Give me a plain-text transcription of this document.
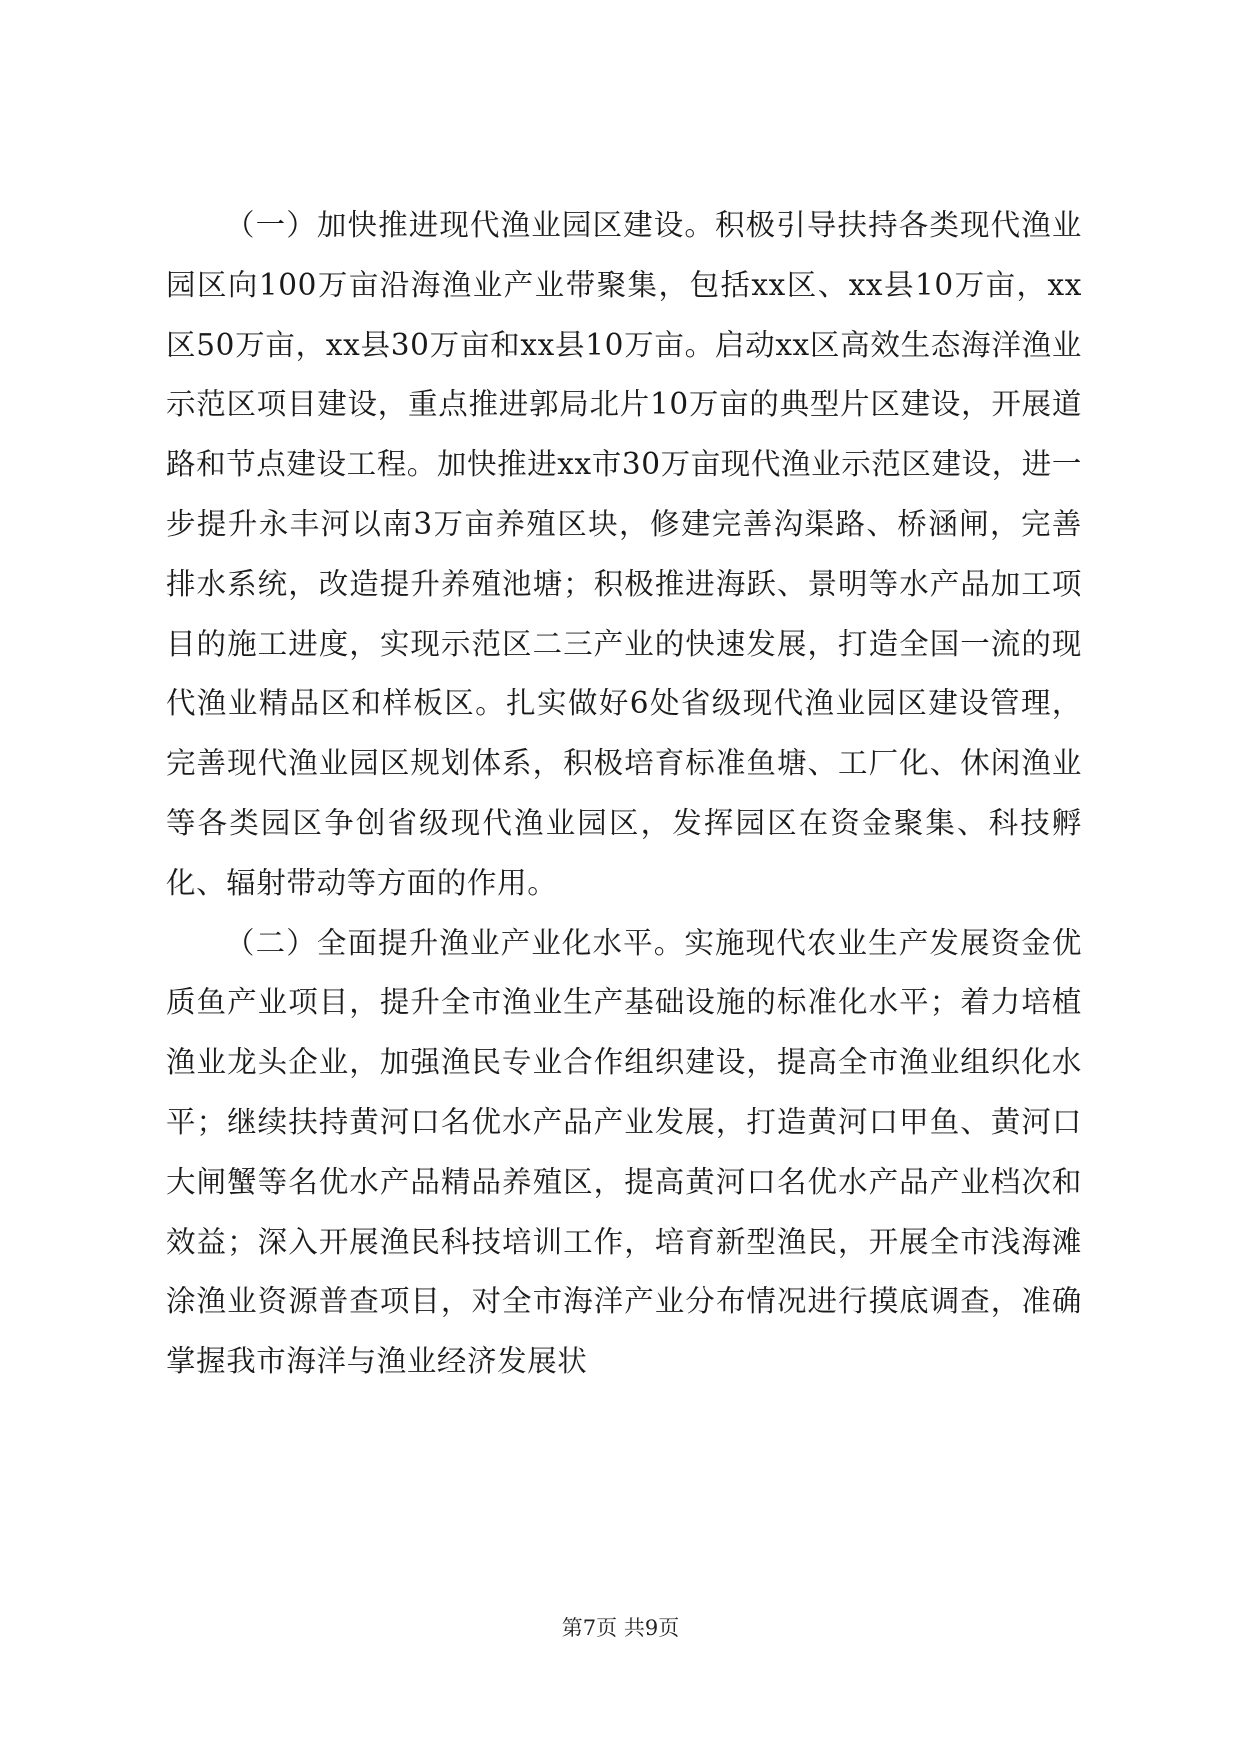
（一）加快推进现代渔业园区建设。积极引导扶持各类现代渔业园区向100万亩沿海渔业产业带聚集，包括xx区、xx县10万亩，xx区50万亩，xx县30万亩和xx县10万亩。启动xx区高效生态海洋渔业示范区项目建设，重点推进郭局北片10万亩的典型片区建设，开展道路和节点建设工程。加快推进xx市30万亩现代渔业示范区建设，进一步提升永丰河以南3万亩养殖区块，修建完善沟渠路、桥涵闸，完善排水系统，改造提升养殖池塘；积极推进海跃、景明等水产品加工项目的施工进度，实现示范区二三产业的快速发展，打造全国一流的现代渔业精品区和样板区。扎实做好6处省级现代渔业园区建设管理，完善现代渔业园区规划体系，积极培育标准鱼塘、工厂化、休闲渔业等各类园区争创省级现代渔业园区，发挥园区在资金聚集、科技孵化、辐射带动等方面的作用。

（二）全面提升渔业产业化水平。实施现代农业生产发展资金优质鱼产业项目，提升全市渔业生产基础设施的标准化水平；着力培植渔业龙头企业，加强渔民专业合作组织建设，提高全市渔业组织化水平；继续扶持黄河口名优水产品产业发展，打造黄河口甲鱼、黄河口大闸蟹等名优水产品精品养殖区，提高黄河口名优水产品产业档次和效益；深入开展渔民科技培训工作，培育新型渔民，开展全市浅海滩涂渔业资源普查项目，对全市海洋产业分布情况进行摸底调查，准确掌握我市海洋与渔业经济发展状

第7页 共9页
